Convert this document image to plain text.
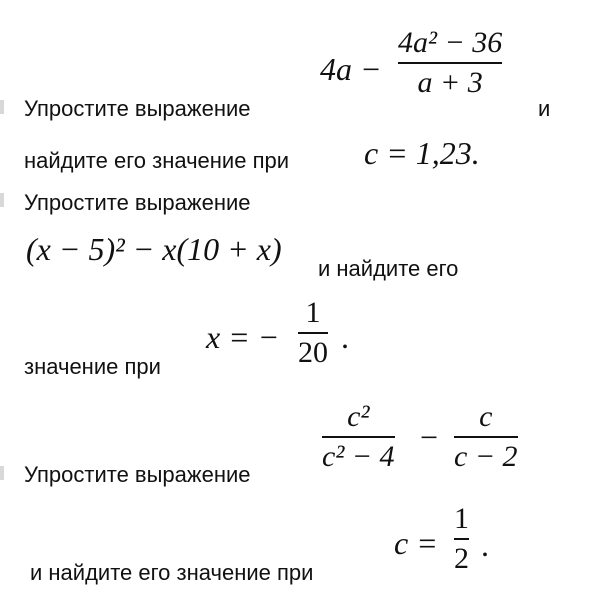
4a −
4a² − 36
a + 3
Упростите выражение	и
найдите его значение при c = 1,23.
Упростите выражение
(x − 5)² − x(10 + x)
и найдите его
x = −
1
20 .
значение при
c²
c² − 4
−
c
c − 2
Упростите выражение
c =
1
2 .
и найдите его значение при
